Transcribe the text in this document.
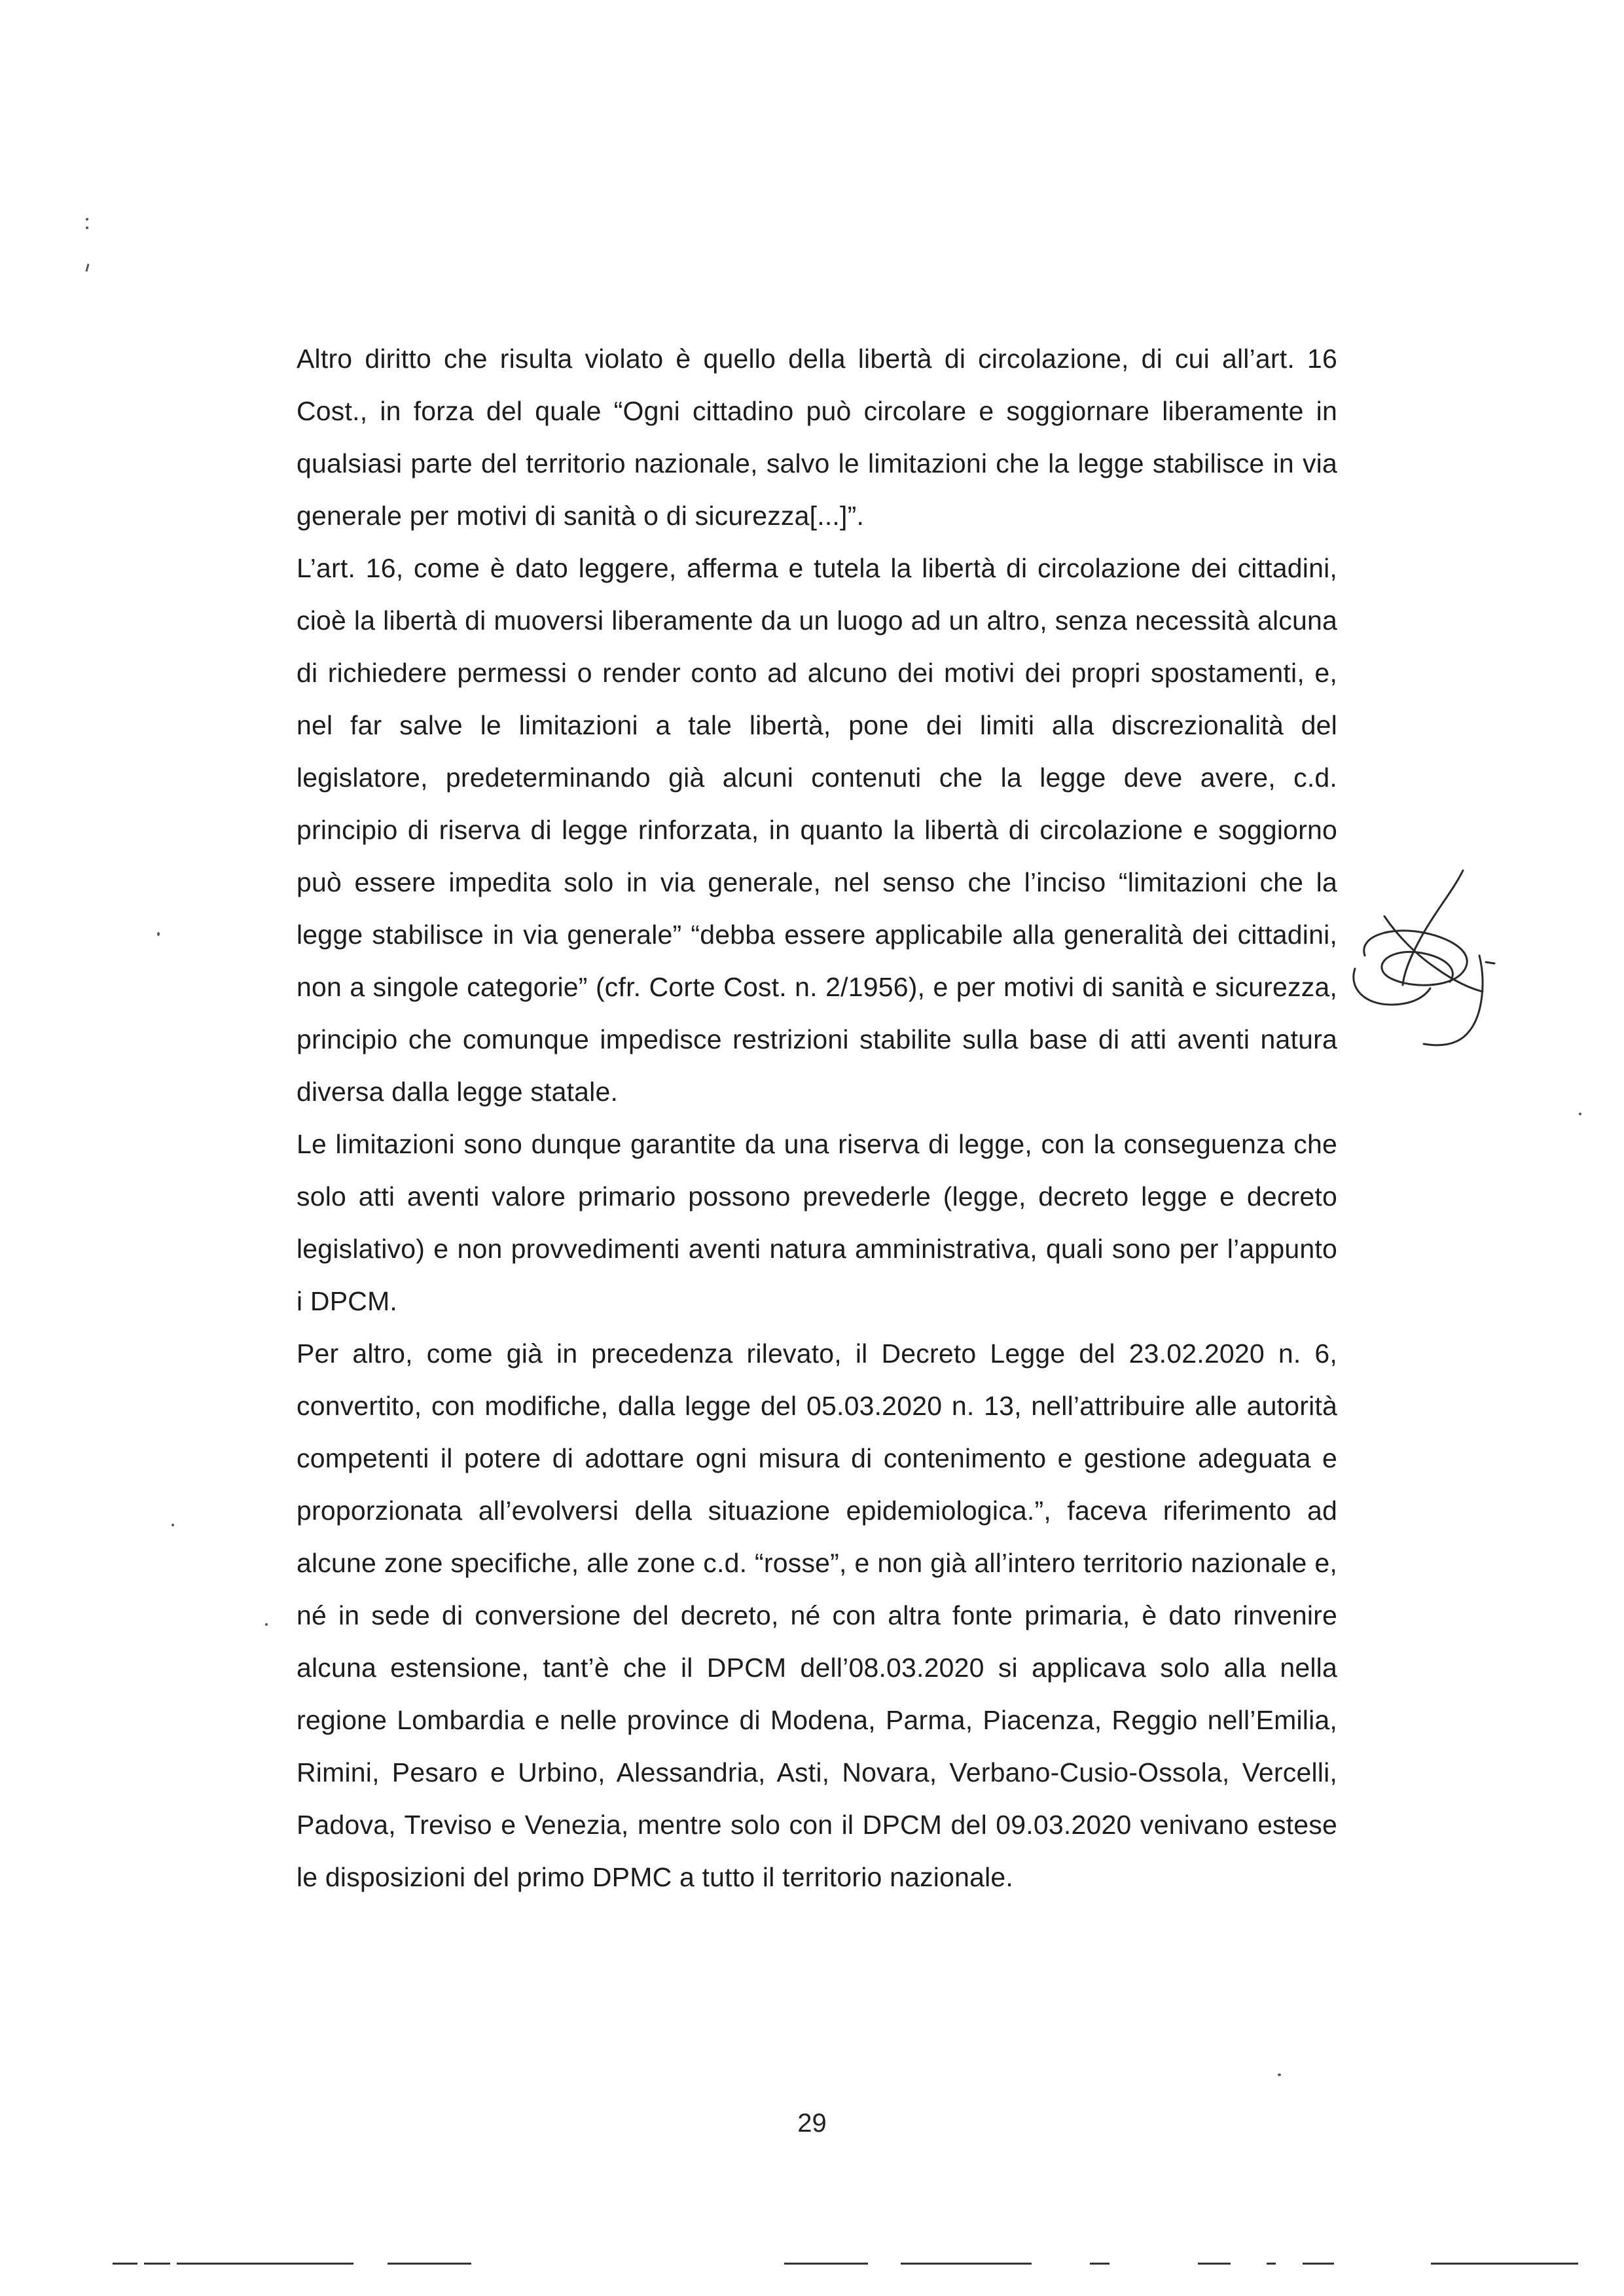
Altro diritto che risulta violato è quello della libertà di circolazione, di cui all’art. 16 Cost., in forza del quale “Ogni cittadino può circolare e soggiornare liberamente in qualsiasi parte del territorio nazionale, salvo le limitazioni che la legge stabilisce in via generale per motivi di sanità o di sicurezza[...]”.

L’art. 16, come è dato leggere, afferma e tutela la libertà di circolazione dei cittadini, cioè la libertà di muoversi liberamente da un luogo ad un altro, senza necessità alcuna di richiedere permessi o render conto ad alcuno dei motivi dei propri spostamenti, e, nel far salve le limitazioni a tale libertà, pone dei limiti alla discrezionalità del legislatore, predeterminando già alcuni contenuti che la legge deve avere, c.d. principio di riserva di legge rinforzata, in quanto la libertà di circolazione e soggiorno può essere impedita solo in via generale, nel senso che l’inciso “limitazioni che la legge stabilisce in via generale” “debba essere applicabile alla generalità dei cittadini, non a singole categorie” (cfr. Corte Cost. n. 2/1956), e per motivi di sanità e sicurezza, principio che comunque impedisce restrizioni stabilite sulla base di atti aventi natura diversa dalla legge statale.

Le limitazioni sono dunque garantite da una riserva di legge, con la conseguenza che solo atti aventi valore primario possono prevederle (legge, decreto legge e decreto legislativo) e non provvedimenti aventi natura amministrativa, quali sono per l’appunto i DPCM.

Per altro, come già in precedenza rilevato, il Decreto Legge del 23.02.2020 n. 6, convertito, con modifiche, dalla legge del 05.03.2020 n. 13, nell’attribuire alle autorità competenti il potere di adottare ogni misura di contenimento e gestione adeguata e proporzionata all’evolversi della situazione epidemiologica.”, faceva riferimento ad alcune zone specifiche, alle zone c.d. “rosse”, e non già all’intero territorio nazionale e, né in sede di conversione del decreto, né con altra fonte primaria, è dato rinvenire alcuna estensione, tant’è che il DPCM dell’08.03.2020 si applicava solo alla nella regione Lombardia e nelle province di Modena, Parma, Piacenza, Reggio nell’Emilia, Rimini, Pesaro e Urbino, Alessandria, Asti, Novara, Verbano-Cusio-Ossola, Vercelli, Padova, Treviso e Venezia, mentre solo con il DPCM del 09.03.2020 venivano estese le disposizioni del primo DPMC a tutto il territorio nazionale.

29
